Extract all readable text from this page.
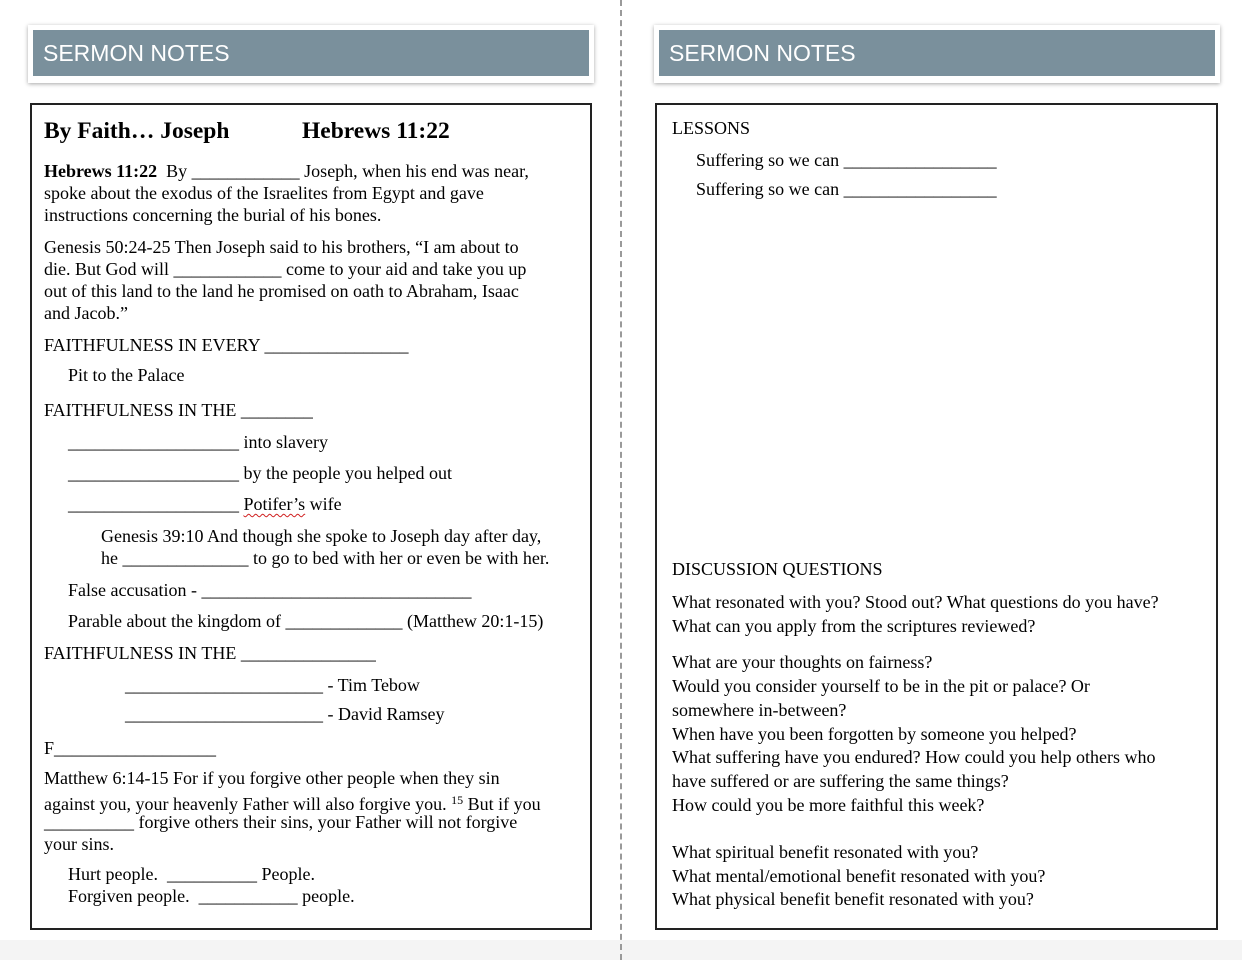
SERMON NOTES
By Faith… Joseph	Hebrews 11:22
Hebrews 11:22  By ____________ Joseph, when his end was near,
spoke about the exodus of the Israelites from Egypt and gave
instructions concerning the burial of his bones.
Genesis 50:24-25 Then Joseph said to his brothers, “I am about to
die. But God will ____________ come to your aid and take you up
out of this land to the land he promised on oath to Abraham, Isaac
and Jacob.”
FAITHFULNESS IN EVERY ________________
Pit to the Palace
FAITHFULNESS IN THE ________
___________________ into slavery
___________________ by the people you helped out
___________________ Potifer’s wife
Genesis 39:10 And though she spoke to Joseph day after day,
he ______________ to go to bed with her or even be with her.
False accusation - ______________________________
Parable about the kingdom of _____________ (Matthew 20:1-15)
FAITHFULNESS IN THE _______________
______________________ - Tim Tebow
______________________ - David Ramsey
F__________________
Matthew 6:14-15 For if you forgive other people when they sin
against you, your heavenly Father will also forgive you. $^{15}$ But if you
__________ forgive others their sins, your Father will not forgive
your sins.
Hurt people.  __________ People.
Forgiven people.  ___________ people.
SERMON NOTES
LESSONS
Suffering so we can _________________
Suffering so we can _________________
DISCUSSION QUESTIONS
What resonated with you? Stood out? What questions do you have?
What can you apply from the scriptures reviewed?
What are your thoughts on fairness?
Would you consider yourself to be in the pit or palace? Or
somewhere in-between?
When have you been forgotten by someone you helped?
What suffering have you endured? How could you help others who
have suffered or are suffering the same things?
How could you be more faithful this week?
What spiritual benefit resonated with you?
What mental/emotional benefit resonated with you?
What physical benefit benefit resonated with you?
